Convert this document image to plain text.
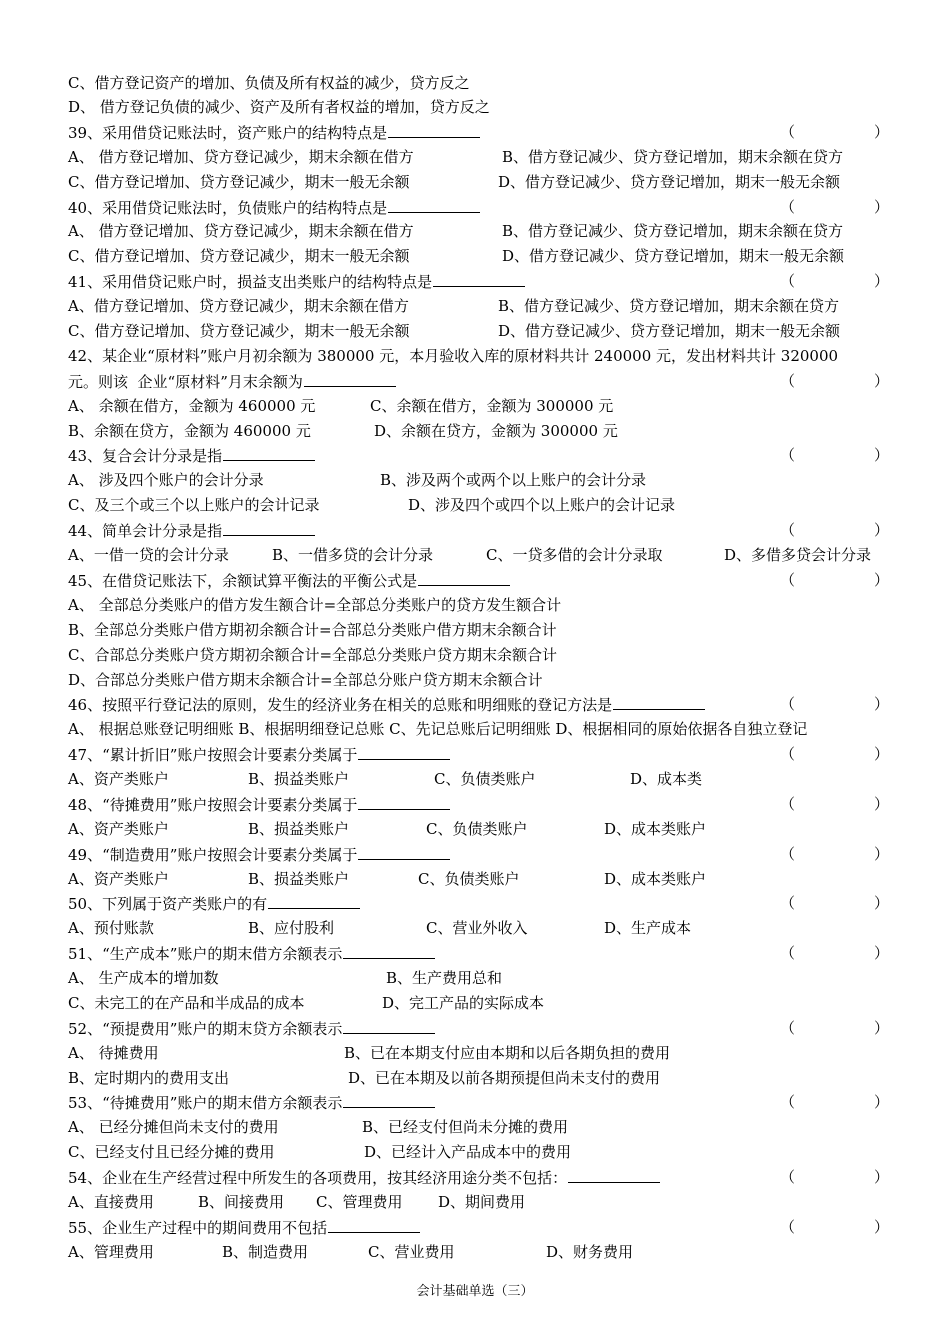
C、借方登记资产的增加、负债及所有权益的减少，贷方反之
D、 借方登记负债的减少、资产及所有者权益的增加，贷方反之
39、采用借贷记账法时，资产账户的结构特点是	（	）
A、 借方登记增加、贷方登记减少，期末余额在借方	B、借方登记减少、贷方登记增加，期末余额在贷方
C、借方登记增加、贷方登记减少，期末一般无余额	D、借方登记减少、贷方登记增加，期末一般无余额
40、采用借贷记账法时，负债账户的结构特点是	（	）
A、 借方登记增加、贷方登记减少，期末余额在借方	B、借方登记减少、贷方登记增加，期末余额在贷方
C、借方登记增加、贷方登记减少，期末一般无余额	D、借方登记减少、贷方登记增加，期末一般无余额
41、采用借贷记账户时，损益支出类账户的结构特点是	（	）
A、借方登记增加、贷方登记减少，期末余额在借方	B、借方登记减少、贷方登记增加，期末余额在贷方
C、借方登记增加、贷方登记减少，期末一般无余额	D、借方登记减少、贷方登记增加，期末一般无余额
42、某企业“原材料”账户月初余额为 380000 元，本月验收入库的原材料共计 240000 元，发出材料共计 320000
元。则该  企业“原材料”月末余额为	（	）
A、 余额在借方，金额为 460000 元	C、余额在借方，金额为 300000 元
B、余额在贷方，金额为 460000 元	D、余额在贷方，金额为 300000 元
43、复合会计分录是指	（	）
A、 涉及四个账户的会计分录	B、涉及两个或两个以上账户的会计分录
C、及三个或三个以上账户的会计记录	D、涉及四个或四个以上账户的会计记录
44、简单会计分录是指	（	）
A、一借一贷的会计分录	B、一借多贷的会计分录	C、一贷多借的会计分录取	D、多借多贷会计分录
45、在借贷记账法下，余额试算平衡法的平衡公式是	（	）
A、 全部总分类账户的借方发生额合计=全部总分类账户的贷方发生额合计
B、全部总分类账户借方期初余额合计=合部总分类账户借方期末余额合计
C、合部总分类账户贷方期初余额合计=全部总分类账户贷方期末余额合计
D、合部总分类账户借方期末余额合计=全部总分账户贷方期末余额合计
46、按照平行登记法的原则，发生的经济业务在相关的总账和明细账的登记方法是	（	）
A、 根据总账登记明细账 B、根据明细登记总账 C、先记总账后记明细账 D、根据相同的原始依据各自独立登记
47、“累计折旧”账户按照会计要素分类属于	（	）
A、资产类账户	B、损益类账户	C、负债类账户	D、成本类
48、“待摊费用”账户按照会计要素分类属于	（	）
A、资产类账户	B、损益类账户	C、负债类账户	D、成本类账户
49、“制造费用”账户按照会计要素分类属于	（	）
A、资产类账户	B、损益类账户	C、负债类账户	D、成本类账户
50、下列属于资产类账户的有	（	）
A、预付账款	B、应付股利	C、营业外收入	D、生产成本
51、“生产成本”账户的期末借方余额表示	（	）
A、 生产成本的增加数	B、生产费用总和
C、未完工的在产品和半成品的成本	D、完工产品的实际成本
52、“预提费用”账户的期末贷方余额表示	（	）
A、 待摊费用	B、已在本期支付应由本期和以后各期负担的费用
B、定时期内的费用支出	D、已在本期及以前各期预提但尚未支付的费用
53、“待摊费用”账户的期末借方余额表示	（	）
A、 已经分摊但尚未支付的费用	B、已经支付但尚未分摊的费用
C、已经支付且已经分摊的费用	D、已经计入产品成本中的费用
54、企业在生产经营过程中所发生的各项费用，按其经济用途分类不包括：	（	）
A、直接费用	B、间接费用 C、管理费用 D、期间费用
55、企业生产过程中的期间费用不包括	（	）
A、管理费用	B、制造费用	C、营业费用	D、财务费用
会计基础单选（三）
